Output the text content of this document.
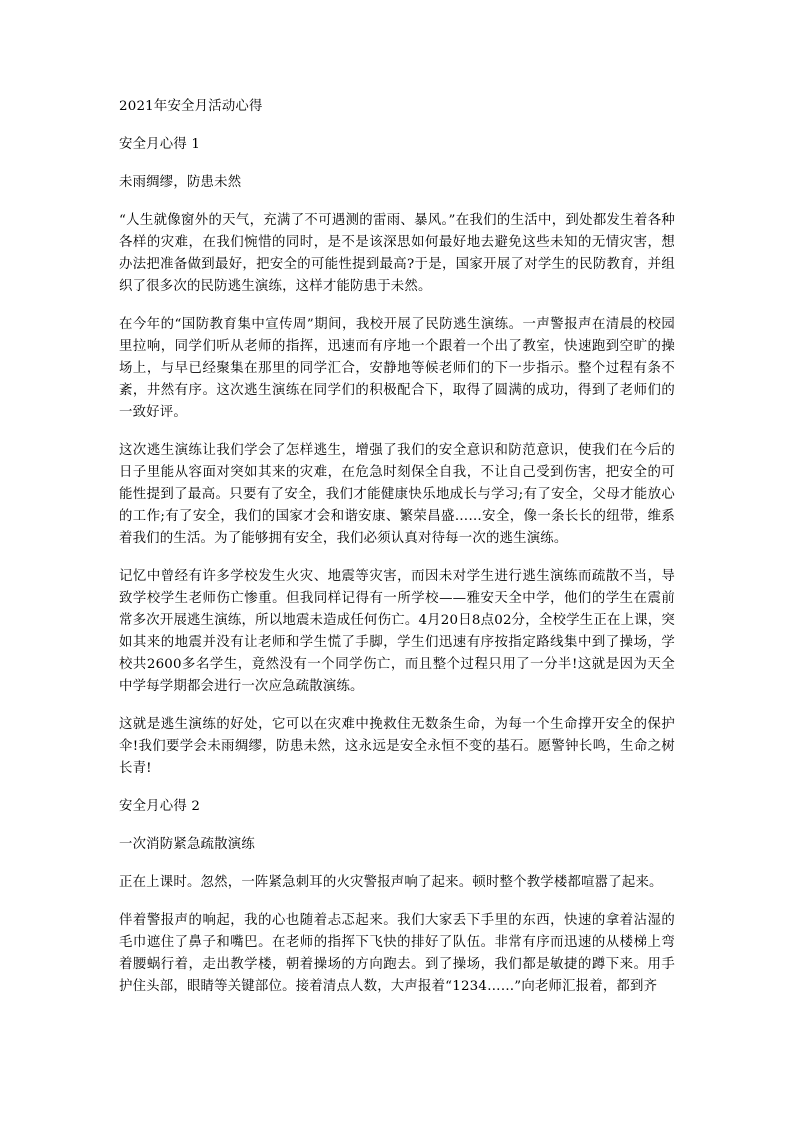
2021年安全月活动心得
安全月心得 1
未雨绸缪，防患未然
“人生就像窗外的天气，充满了不可遇测的雷雨、暴风。”在我们的生活中，到处都发生着各种各样的灾难，在我们惋惜的同时，是不是该深思如何最好地去避免这些未知的无情灾害，想办法把准备做到最好，把安全的可能性提到最高?于是，国家开展了对学生的民防教育，并组织了很多次的民防逃生演练，这样才能防患于未然。
在今年的“国防教育集中宣传周”期间，我校开展了民防逃生演练。一声警报声在清晨的校园里拉响，同学们听从老师的指挥，迅速而有序地一个跟着一个出了教室，快速跑到空旷的操场上，与早已经聚集在那里的同学汇合，安静地等候老师们的下一步指示。整个过程有条不紊，井然有序。这次逃生演练在同学们的积极配合下，取得了圆满的成功，得到了老师们的一致好评。
这次逃生演练让我们学会了怎样逃生，增强了我们的安全意识和防范意识，使我们在今后的日子里能从容面对突如其来的灾难，在危急时刻保全自我，不让自己受到伤害，把安全的可能性提到了最高。只要有了安全，我们才能健康快乐地成长与学习;有了安全，父母才能放心的工作;有了安全，我们的国家才会和谐安康、繁荣昌盛……安全，像一条长长的纽带，维系着我们的生活。为了能够拥有安全，我们必须认真对待每一次的逃生演练。
记忆中曾经有许多学校发生火灾、地震等灾害，而因未对学生进行逃生演练而疏散不当，导致学校学生老师伤亡惨重。但我同样记得有一所学校——雅安天全中学，他们的学生在震前常多次开展逃生演练，所以地震未造成任何伤亡。4月20日8点02分，全校学生正在上课，突如其来的地震并没有让老师和学生慌了手脚，学生们迅速有序按指定路线集中到了操场，学校共2600多名学生，竟然没有一个同学伤亡，而且整个过程只用了一分半!这就是因为天全中学每学期都会进行一次应急疏散演练。
这就是逃生演练的好处，它可以在灾难中挽救住无数条生命，为每一个生命撑开安全的保护伞!我们要学会未雨绸缪，防患未然，这永远是安全永恒不变的基石。愿警钟长鸣，生命之树长青!
安全月心得 2
一次消防紧急疏散演练
正在上课时。忽然，一阵紧急刺耳的火灾警报声响了起来。顿时整个教学楼都喧嚣了起来。
伴着警报声的响起，我的心也随着忐忑起来。我们大家丢下手里的东西，快速的拿着沾湿的毛巾遮住了鼻子和嘴巴。在老师的指挥下飞快的排好了队伍。非常有序而迅速的从楼梯上弯着腰蜗行着，走出教学楼，朝着操场的方向跑去。到了操场，我们都是敏捷的蹲下来。用手护住头部，眼睛等关键部位。接着清点人数，大声报着“1234……”向老师汇报着，都到齐
